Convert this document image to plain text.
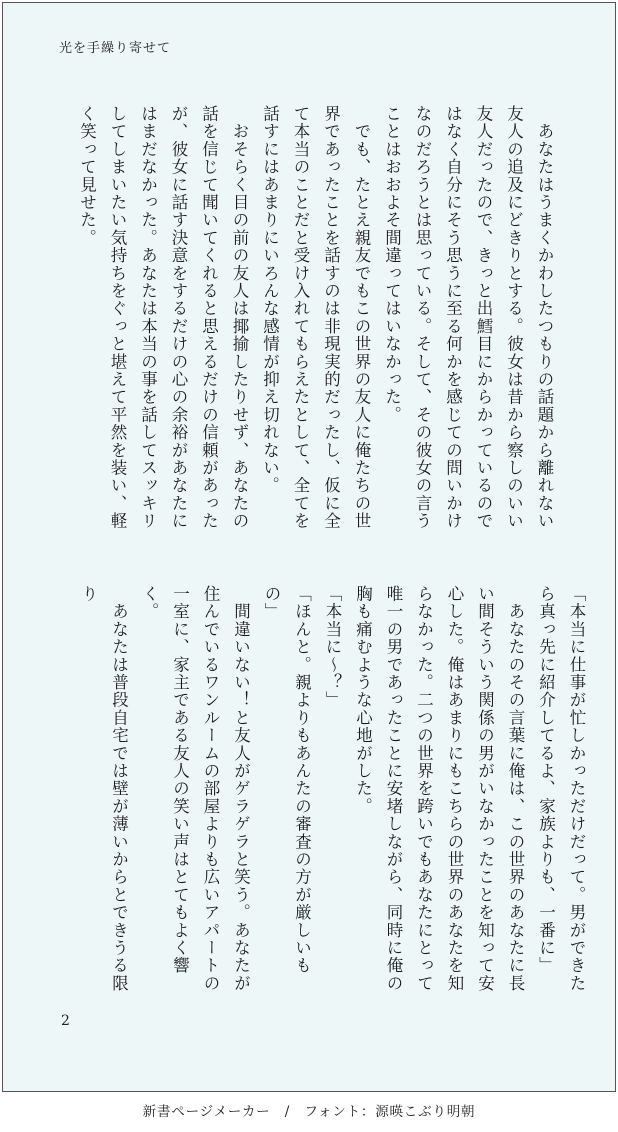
光を手繰り寄せて
　あなたはうまくかわしたつもりの話題から離れない友人の追及にどきりとする。彼女は昔から察しのいい友人だったので、きっと出鱈目にからかっているのではなく自分にそう思うに至る何かを感じての問いかけなのだろうとは思っている。そして、その彼女の言うことはおおよそ間違ってはいなかった。
　でも、たとえ親友でもこの世界の友人に俺たちの世界であったことを話すのは非現実的だったし、仮に全て本当のことだと受け入れてもらえたとして、全てを話すにはあまりにいろんな感情が抑え切れない。
　おそらく目の前の友人は揶揄したりせず、あなたの話を信じて聞いてくれると思えるだけの信頼があったが、彼女に話す決意をするだけの心の余裕があなたにはまだなかった。あなたは本当の事を話してスッキリしてしまいたい気持ちをぐっと堪えて平然を装い、軽く笑って見せた。
「本当に仕事が忙しかっただけだって。男ができたら真っ先に紹介してるよ、家族よりも、一番に」
　あなたのその言葉に俺は、この世界のあなたに長い間そういう関係の男がいなかったことを知って安心した。俺はあまりにもこちらの世界のあなたを知らなかった。二つの世界を跨いでもあなたにとって唯一の男であったことに安堵しながら、同時に俺の胸も痛むような心地がした。
「本当に〜？」
「ほんと。親よりもあんたの審査の方が厳しいもの」
　間違いない！と友人がゲラゲラと笑う。あなたが住んでいるワンルームの部屋よりも広いアパートの一室に、家主である友人の笑い声はとてもよく響く。
　あなたは普段自宅では壁が薄いからとできうる限り
2
新書ページメーカー　/　フォント：源暎こぶり明朝
